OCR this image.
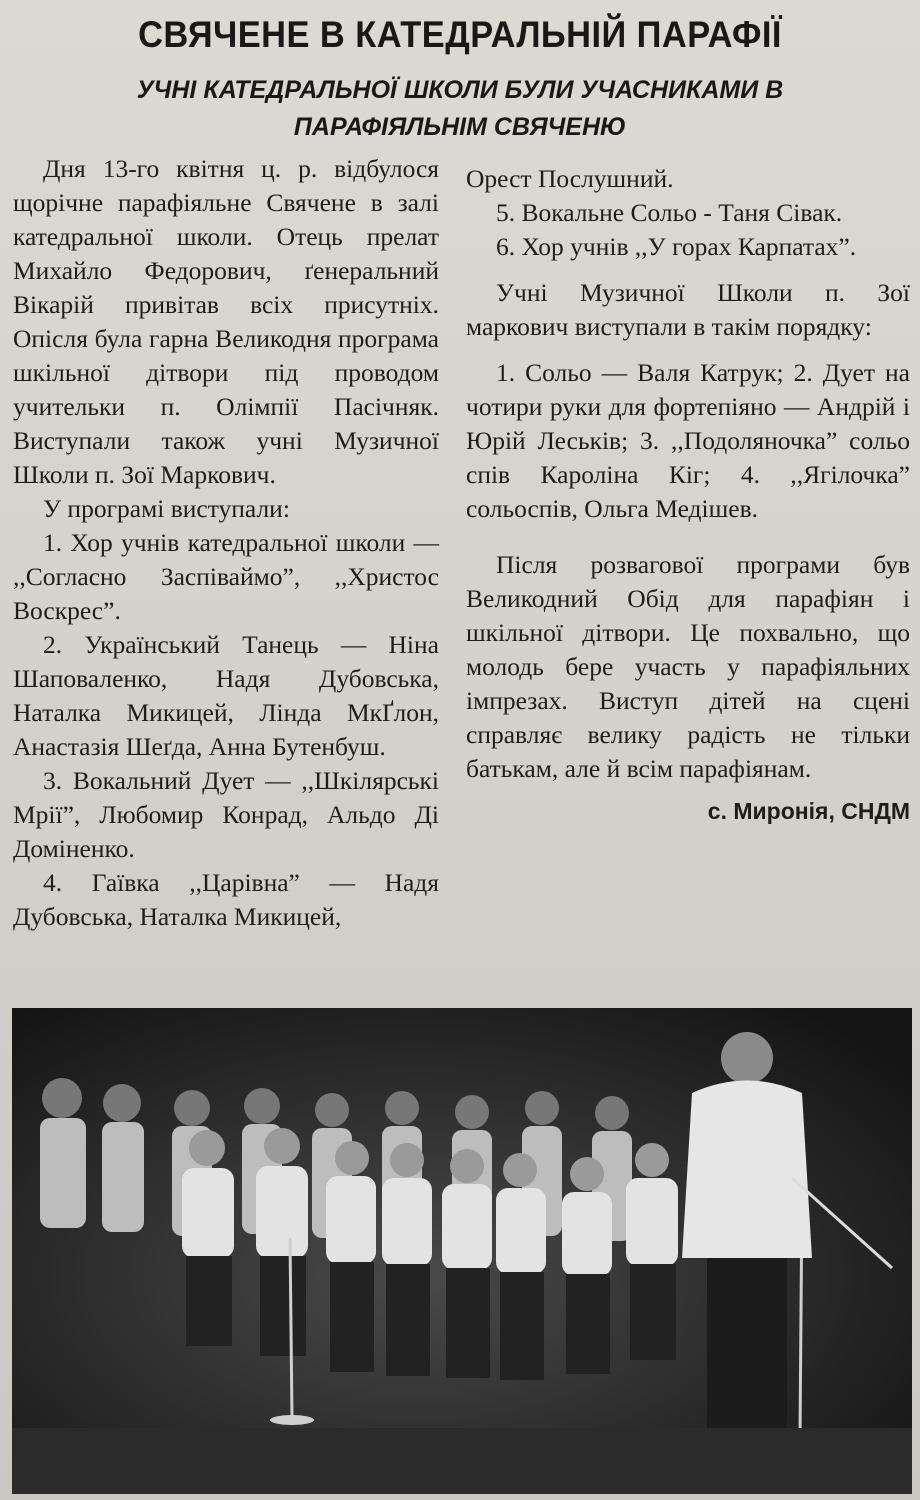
СВЯЧЕНЕ В КАТЕДРАЛЬНІЙ ПАРАФІЇ
УЧНІ КАТЕДРАЛЬНОЇ ШКОЛИ БУЛИ УЧАСНИКАМИ В
ПАРАФІЯЛЬНІМ СВЯЧЕНЮ

Дня 13-го квітня ц. р. відбулося щорічне парафіяльне Свячене в залі катедральної школи. Отець прелат Михайло Федорович, ґенеральний Вікарій привітав всіх присутніх. Опісля була гарна Великодня програма шкільної дітвори під проводом учительки п. Олімпії Пасічняк. Виступали також учні Музичної Школи п. Зої Маркович.

У програмі виступали:

1. Хор учнів катедральної школи — ,,Согласно Заспіваймо”, ,,Христос Воскрес”.

2. Український Танець — Ніна Шаповаленко, Надя Дубовська, Наталка Микицей, Лінда МкҐлон, Анастазія Шеґда, Анна Бутенбуш.

3. Вокальний Дует — ,,Шкілярські Мрії”, Любомир Конрад, Альдо Ді Доміненко.

4. Гаївка ,,Царівна” — Надя Дубовська, Наталка Микицей,

Орест Послушний.

5. Вокальне Сольо - Таня Сівак.

6. Хор учнів ,,У горах Карпатах”.

Учні Музичної Школи п. Зої маркович виступали в такім порядку:

1. Сольо — Валя Катрук; 2. Дует на чотири руки для фортепіяно — Андрій і Юрій Леськів; 3. ,,Подоляночка” сольо спів Кароліна Кіг; 4. ,,Ягілочка” сольоспів, Ольга Медішев.

Після розвагової програми був Великодний Обід для парафіян і шкільної дітвори. Це похвально, що молодь бере участь у парафіяльних імпрезах. Виступ дітей на сцені справляє велику радість не тільки батькам, але й всім парафіянам.

с. Миронія, СНДМ
